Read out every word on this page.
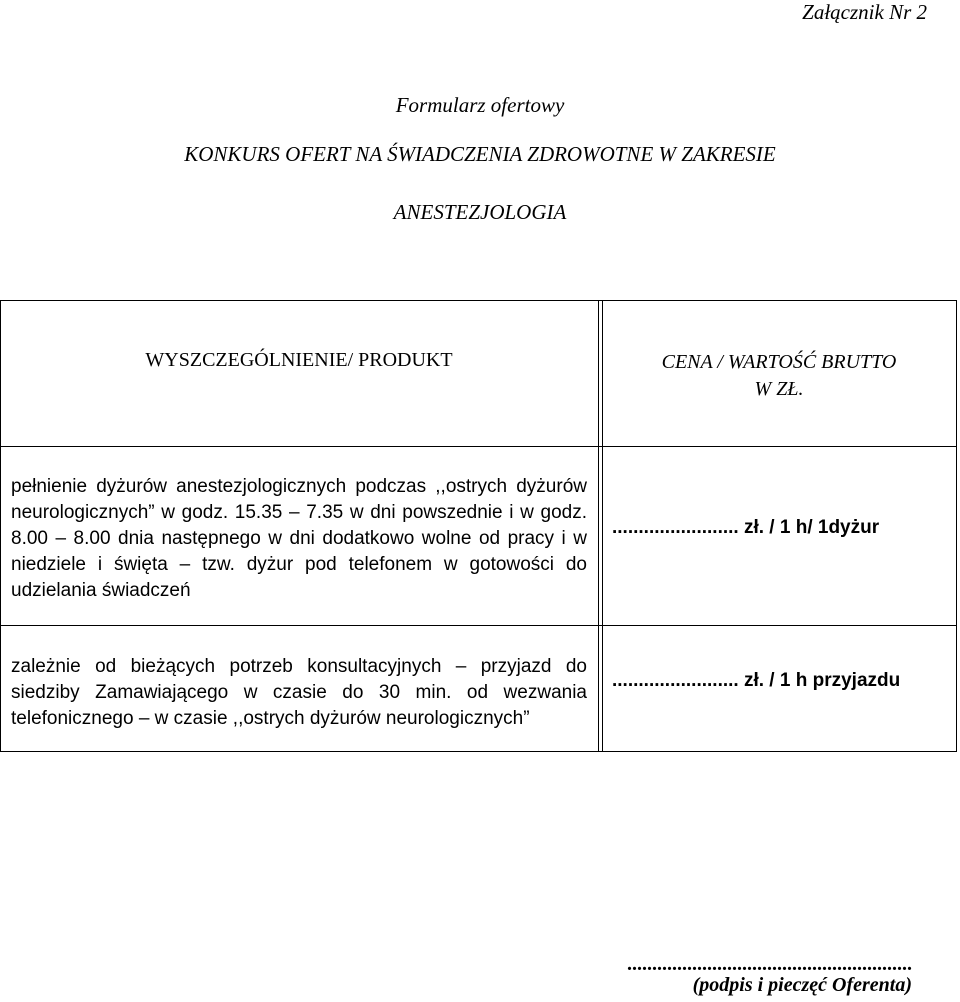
Załącznik Nr 2
Formularz ofertowy
KONKURS OFERT NA ŚWIADCZENIA ZDROWOTNE W ZAKRESIE
ANESTEZJOLOGIA
WYSZCZEGÓLNIENIE/ PRODUKT	CENA / WARTOŚĆ BRUTTO
W ZŁ.
pełnienie dyżurów anestezjologicznych podczas ,,ostrych dyżurów neurologicznych” w godz. 15.35 – 7.35 w dni powszednie i w godz. 8.00 – 8.00 dnia następnego w dni dodatkowo wolne od pracy i w niedziele i święta – tzw. dyżur pod telefonem w gotowości do udzielania świadczeń
........................ zł. / 1 h/ 1dyżur
zależnie od bieżących potrzeb konsultacyjnych – przyjazd do siedziby Zamawiającego w czasie do 30 min. od wezwania telefonicznego – w czasie ,,ostrych dyżurów neurologicznych”
........................ zł. / 1 h przyjazdu
.........................................................
(podpis i pieczęć Oferenta)
